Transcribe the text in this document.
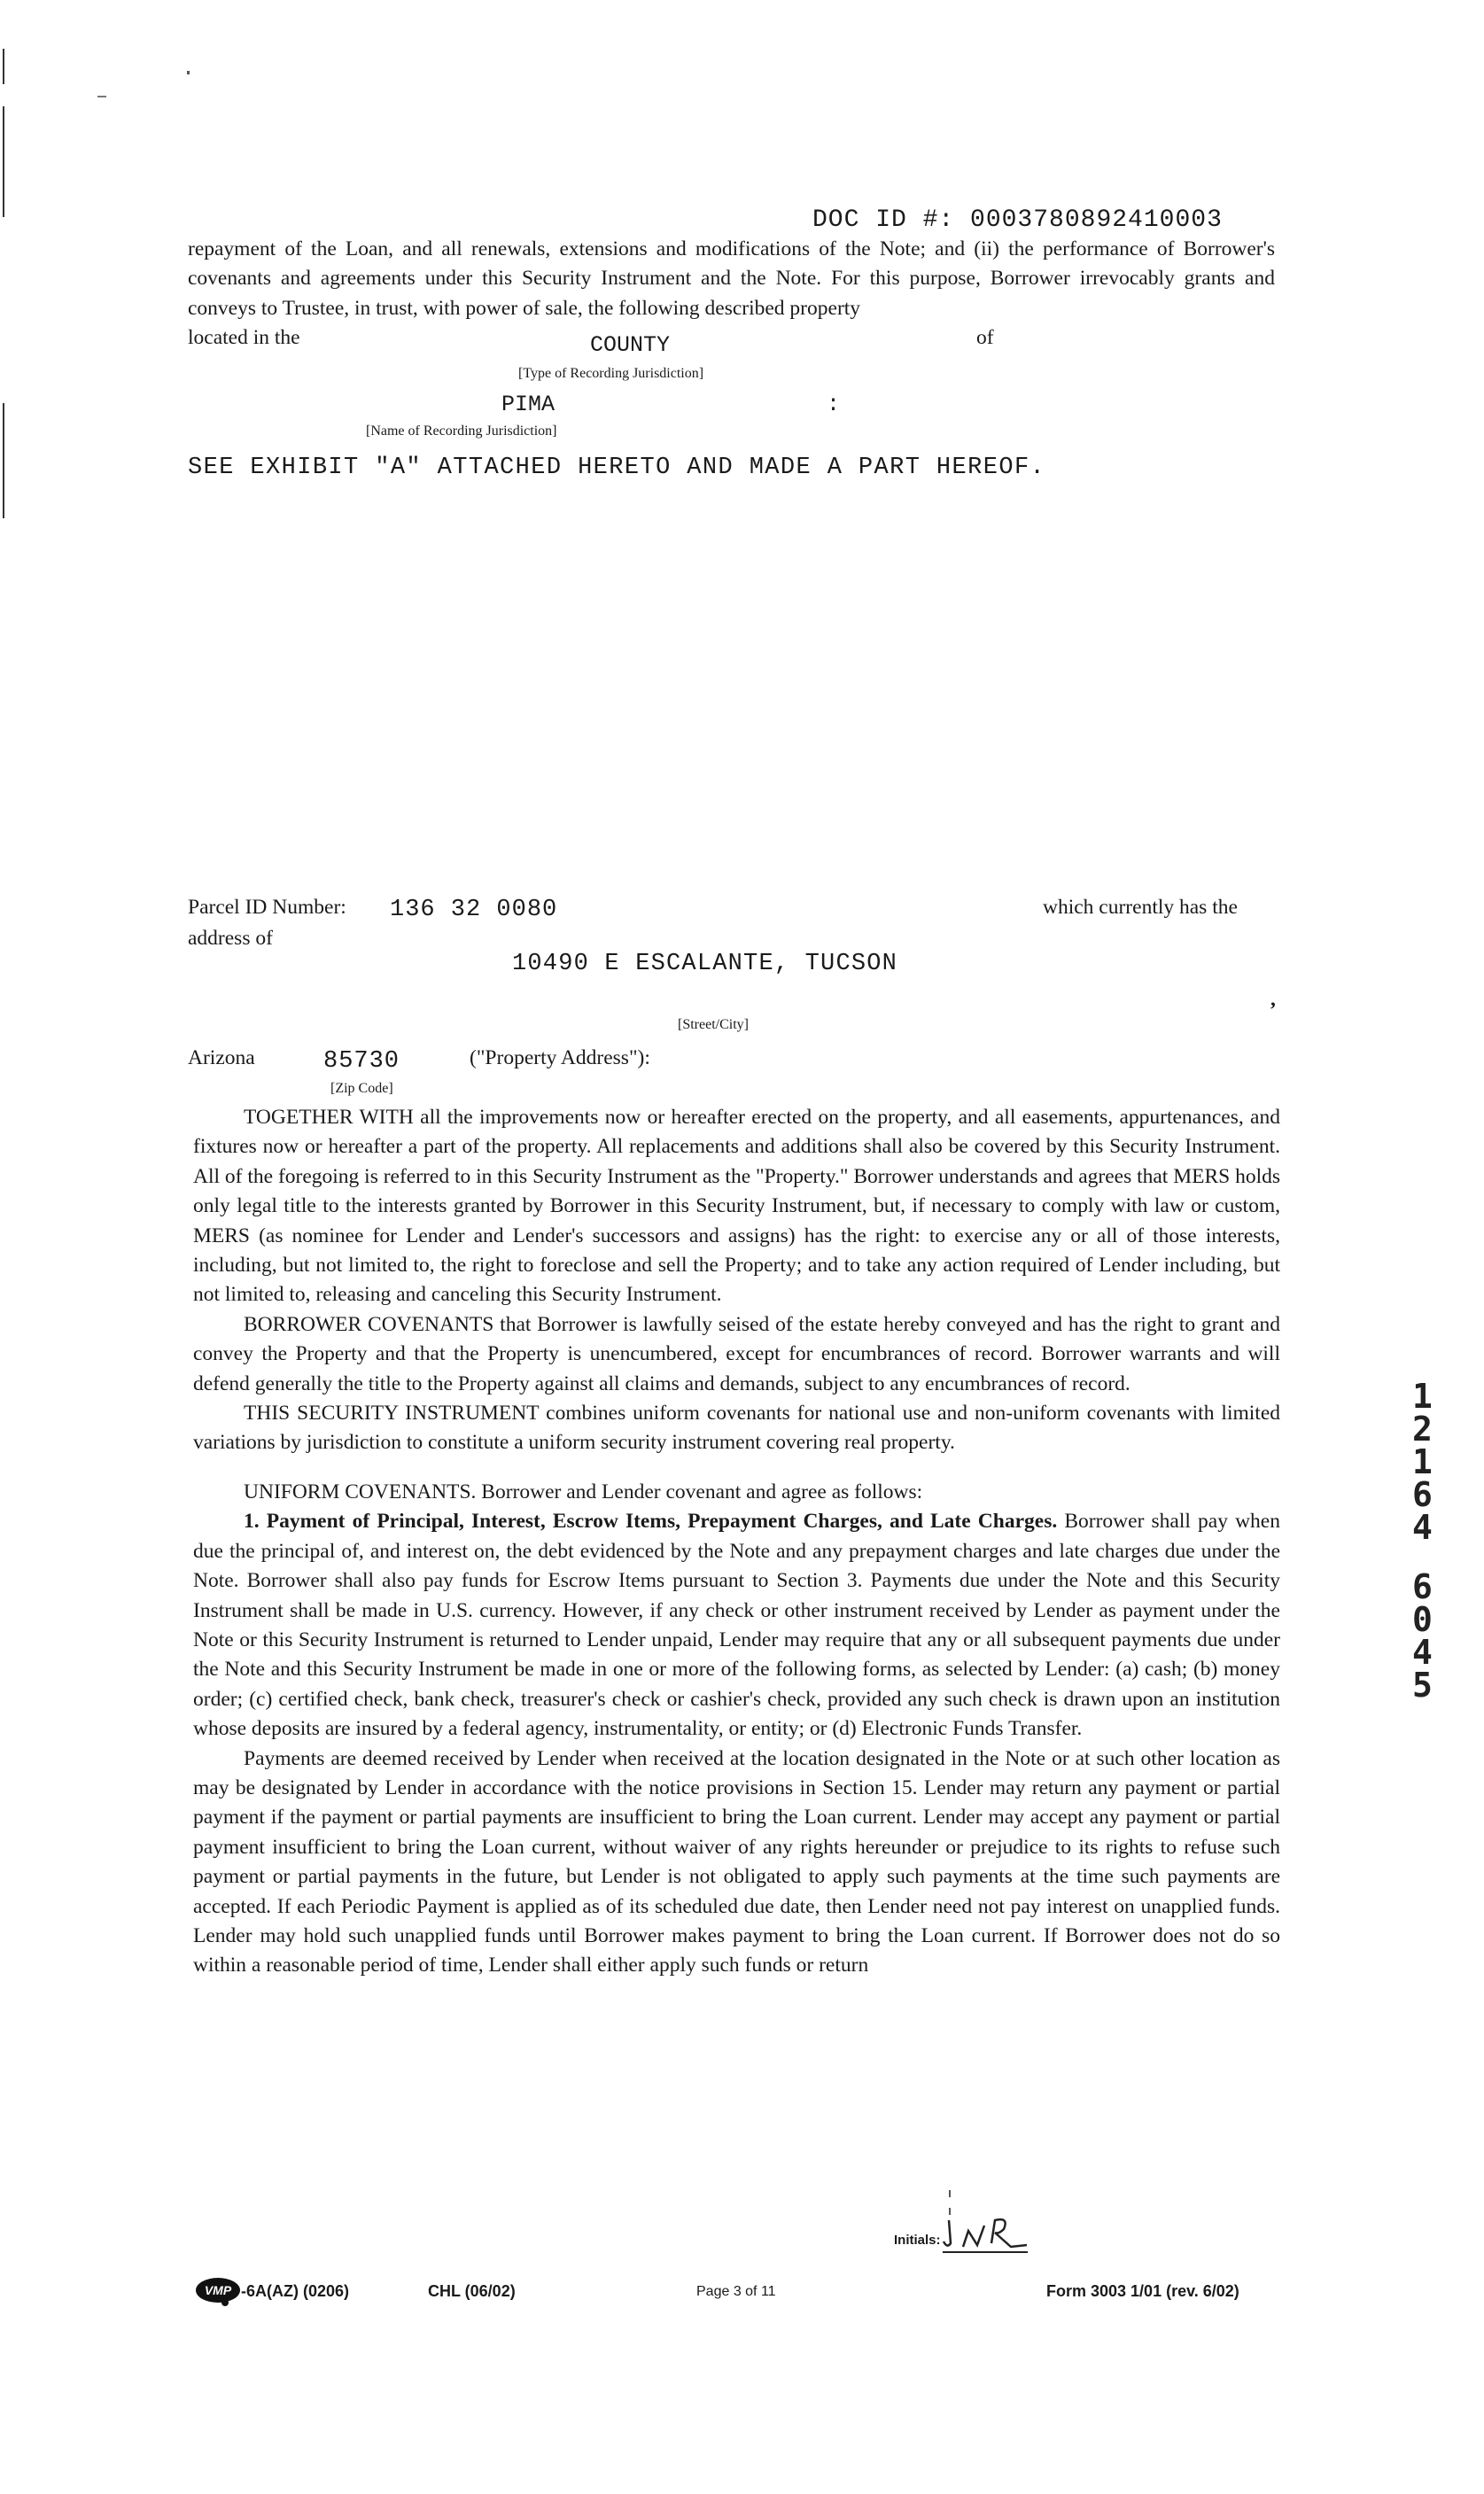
DOC ID #: 0003780892410003
repayment of the Loan, and all renewals, extensions and modifications of the Note; and (ii) the performance of Borrower's covenants and agreements under this Security Instrument and the Note. For this purpose, Borrower irrevocably grants and conveys to Trustee, in trust, with power of sale, the following described property
located in the	COUNTY	of
[Type of Recording Jurisdiction]
PIMA	:
[Name of Recording Jurisdiction]
SEE EXHIBIT "A" ATTACHED HERETO AND MADE A PART HEREOF.
Parcel ID Number: 136 32 0080	which currently has the
address of
10490 E ESCALANTE, TUCSON
,
[Street/City]
Arizona	85730	("Property Address"):
[Zip Code]

TOGETHER WITH all the improvements now or hereafter erected on the property, and all easements, appurtenances, and fixtures now or hereafter a part of the property. All replacements and additions shall also be covered by this Security Instrument. All of the foregoing is referred to in this Security Instrument as the "Property." Borrower understands and agrees that MERS holds only legal title to the interests granted by Borrower in this Security Instrument, but, if necessary to comply with law or custom, MERS (as nominee for Lender and Lender's successors and assigns) has the right: to exercise any or all of those interests, including, but not limited to, the right to foreclose and sell the Property; and to take any action required of Lender including, but not limited to, releasing and canceling this Security Instrument.

BORROWER COVENANTS that Borrower is lawfully seised of the estate hereby conveyed and has the right to grant and convey the Property and that the Property is unencumbered, except for encumbrances of record. Borrower warrants and will defend generally the title to the Property against all claims and demands, subject to any encumbrances of record.

THIS SECURITY INSTRUMENT combines uniform covenants for national use and non-uniform covenants with limited variations by jurisdiction to constitute a uniform security instrument covering real property.

UNIFORM COVENANTS. Borrower and Lender covenant and agree as follows:

1. Payment of Principal, Interest, Escrow Items, Prepayment Charges, and Late Charges. Borrower shall pay when due the principal of, and interest on, the debt evidenced by the Note and any prepayment charges and late charges due under the Note. Borrower shall also pay funds for Escrow Items pursuant to Section 3. Payments due under the Note and this Security Instrument shall be made in U.S. currency. However, if any check or other instrument received by Lender as payment under the Note or this Security Instrument is returned to Lender unpaid, Lender may require that any or all subsequent payments due under the Note and this Security Instrument be made in one or more of the following forms, as selected by Lender: (a) cash; (b) money order; (c) certified check, bank check, treasurer's check or cashier's check, provided any such check is drawn upon an institution whose deposits are insured by a federal agency, instrumentality, or entity; or (d) Electronic Funds Transfer.

Payments are deemed received by Lender when received at the location designated in the Note or at such other location as may be designated by Lender in accordance with the notice provisions in Section 15. Lender may return any payment or partial payment if the payment or partial payments are insufficient to bring the Loan current. Lender may accept any payment or partial payment insufficient to bring the Loan current, without waiver of any rights hereunder or prejudice to its rights to refuse such payment or partial payments in the future, but Lender is not obligated to apply such payments at the time such payments are accepted. If each Periodic Payment is applied as of its scheduled due date, then Lender need not pay interest on unapplied funds. Lender may hold such unapplied funds until Borrower makes payment to bring the Loan current. If Borrower does not do so within a reasonable period of time, Lender shall either apply such funds or return

1
2
1
6
4
6
0
4
5
Initials:
VMP -6A(AZ) (0206)	CHL (06/02)	Page 3 of 11	Form 3003 1/01 (rev. 6/02)
